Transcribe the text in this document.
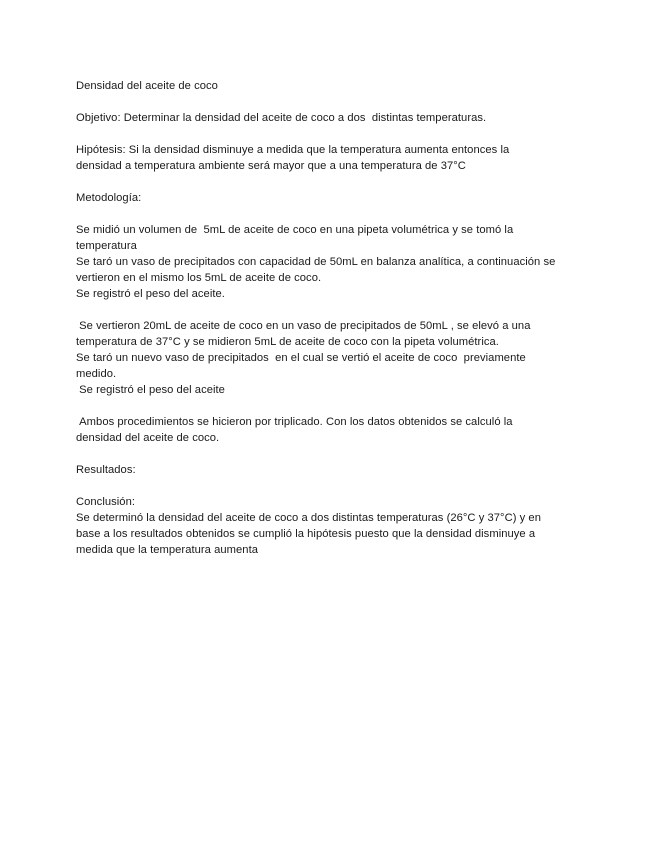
Densidad del aceite de coco

Objetivo: Determinar la densidad del aceite de coco a dos  distintas temperaturas.

Hipótesis: Si la densidad disminuye a medida que la temperatura aumenta entonces la
densidad a temperatura ambiente será mayor que a una temperatura de 37°C

Metodología:

Se midió un volumen de  5mL de aceite de coco en una pipeta volumétrica y se tomó la
temperatura
Se taró un vaso de precipitados con capacidad de 50mL en balanza analítica, a continuación se
vertieron en el mismo los 5mL de aceite de coco.
Se registró el peso del aceite.

Se vertieron 20mL de aceite de coco en un vaso de precipitados de 50mL , se elevó a una
temperatura de 37°C y se midieron 5mL de aceite de coco con la pipeta volumétrica.
Se taró un nuevo vaso de precipitados  en el cual se vertió el aceite de coco  previamente
medido.
Se registró el peso del aceite

Ambos procedimientos se hicieron por triplicado. Con los datos obtenidos se calculó la
densidad del aceite de coco.

Resultados:

Conclusión:
Se determinó la densidad del aceite de coco a dos distintas temperaturas (26°C y 37°C) y en
base a los resultados obtenidos se cumplió la hipótesis puesto que la densidad disminuye a
medida que la temperatura aumenta
